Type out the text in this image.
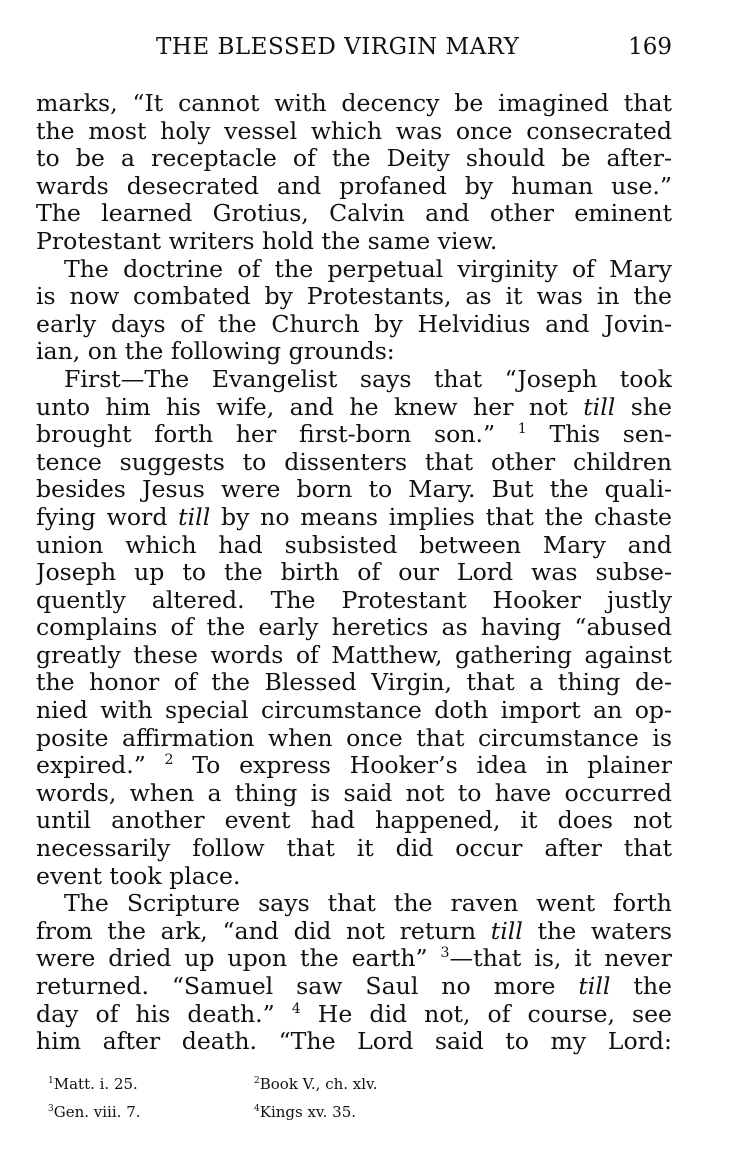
THE BLESSED VIRGIN MARY	169
marks, “It cannot with decency be imagined that
the most holy vessel which was once consecrated
to be a receptacle of the Deity should be after-
wards desecrated and profaned by human use.”
The learned Grotius, Calvin and other eminent
Protestant writers hold the same view.
The doctrine of the perpetual virginity of Mary
is now combated by Protestants, as it was in the
early days of the Church by Helvidius and Jovin-
ian, on the following grounds:
First—The Evangelist says that “Joseph took
unto him his wife, and he knew her not till she
brought forth her first-born son.” $^1$ This sen-
tence suggests to dissenters that other children
besides Jesus were born to Mary. But the quali-
fying word till by no means implies that the chaste
union which had subsisted between Mary and
Joseph up to the birth of our Lord was subse-
quently altered. The Protestant Hooker justly
complains of the early heretics as having “abused
greatly these words of Matthew, gathering against
the honor of the Blessed Virgin, that a thing de-
nied with special circumstance doth import an op-
posite affirmation when once that circumstance is
expired.” $^2$ To express Hooker’s idea in plainer
words, when a thing is said not to have occurred
until another event had happened, it does not
necessarily follow that it did occur after that
event took place.
The Scripture says that the raven went forth
from the ark, “and did not return till the waters
were dried up upon the earth” $^3$—that is, it never
returned. “Samuel saw Saul no more till the
day of his death.” $^4$ He did not, of course, see
him after death. “The Lord said to my Lord:
$^1$Matt. i. 25.	$^2$Book V., ch. xlv.
$^3$Gen. viii. 7.	$^4$Kings xv. 35.
